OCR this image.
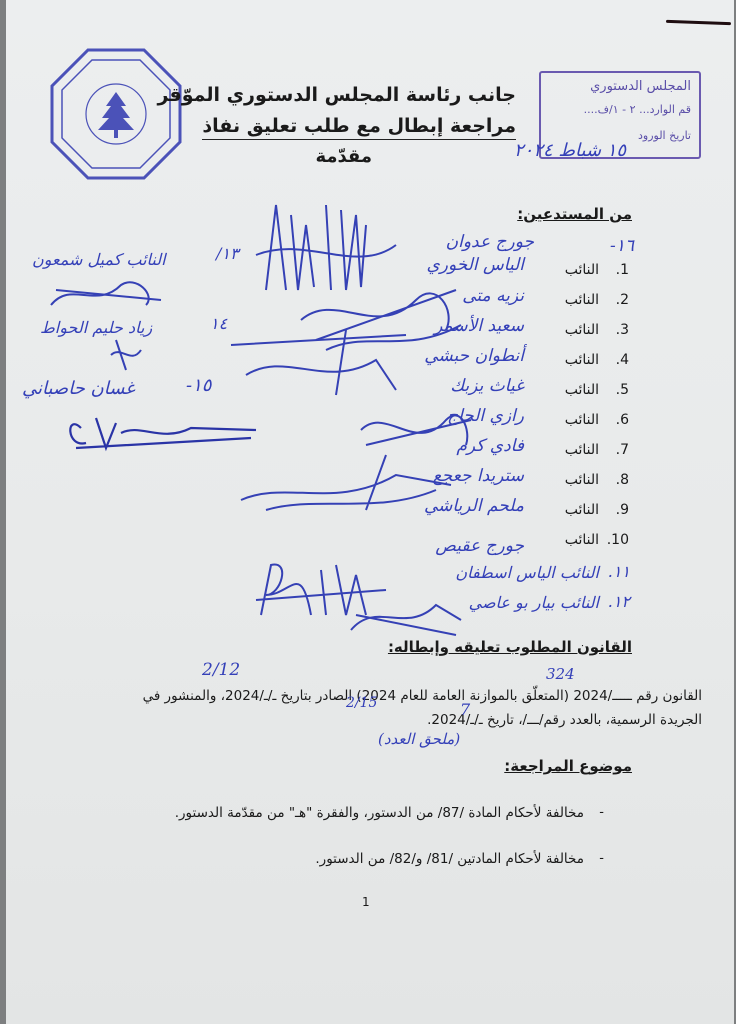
المجلس الدستوري
قم الوارد... ٢ - ١/ف....
تاريخ الورود
١٥ شباط ٢٠٢٤
جانب رئاسة المجلس الدستوري الموّقر
مراجعة إبطال مع طلب تعليق نفاذ
مقدّمة
من المستدعين:
1.
النائب
الياس الخوري
2.
النائب
نزيه متى
3.
النائب
سعيد الأسمر
4.
النائب
أنطوان حبشي
5.
النائب
غياث يزبك
6.
النائب
رازي الحاج
7.
النائب
فادي كرم
8.
النائب
ستريدا جعجع
9.
النائب
ملحم الرياشي
10.
النائب
جورج عقيص
١٦-
جورج عدوان
١١.
النائب الياس اسطفان
١٢.
النائب بيار بو عاصي
١٣/
النائب كميل شمعون
١٤
زياد حليم الحواط
١٥-
غسان حاصباني
القانون المطلوب تعليقه وإبطاله:
القانون رقم ـــــ/2024 (المتعلّق بالموازنة العامة للعام 2024) الصادر بتاريخ ـ/ـ/2024، والمنشور في
الجريدة الرسمية، بالعدد رقم/ـــ/، تاريخ ـ/ـ/2024.
324
2/12
2/15	7
(ملحق العدد)
موضوع المراجعة:
-
مخالفة لأحكام المادة /87/ من الدستور، والفقرة "هـ" من مقدّمة الدستور.
-
مخالفة لأحكام المادتين /81/ و/82/ من الدستور.
1
